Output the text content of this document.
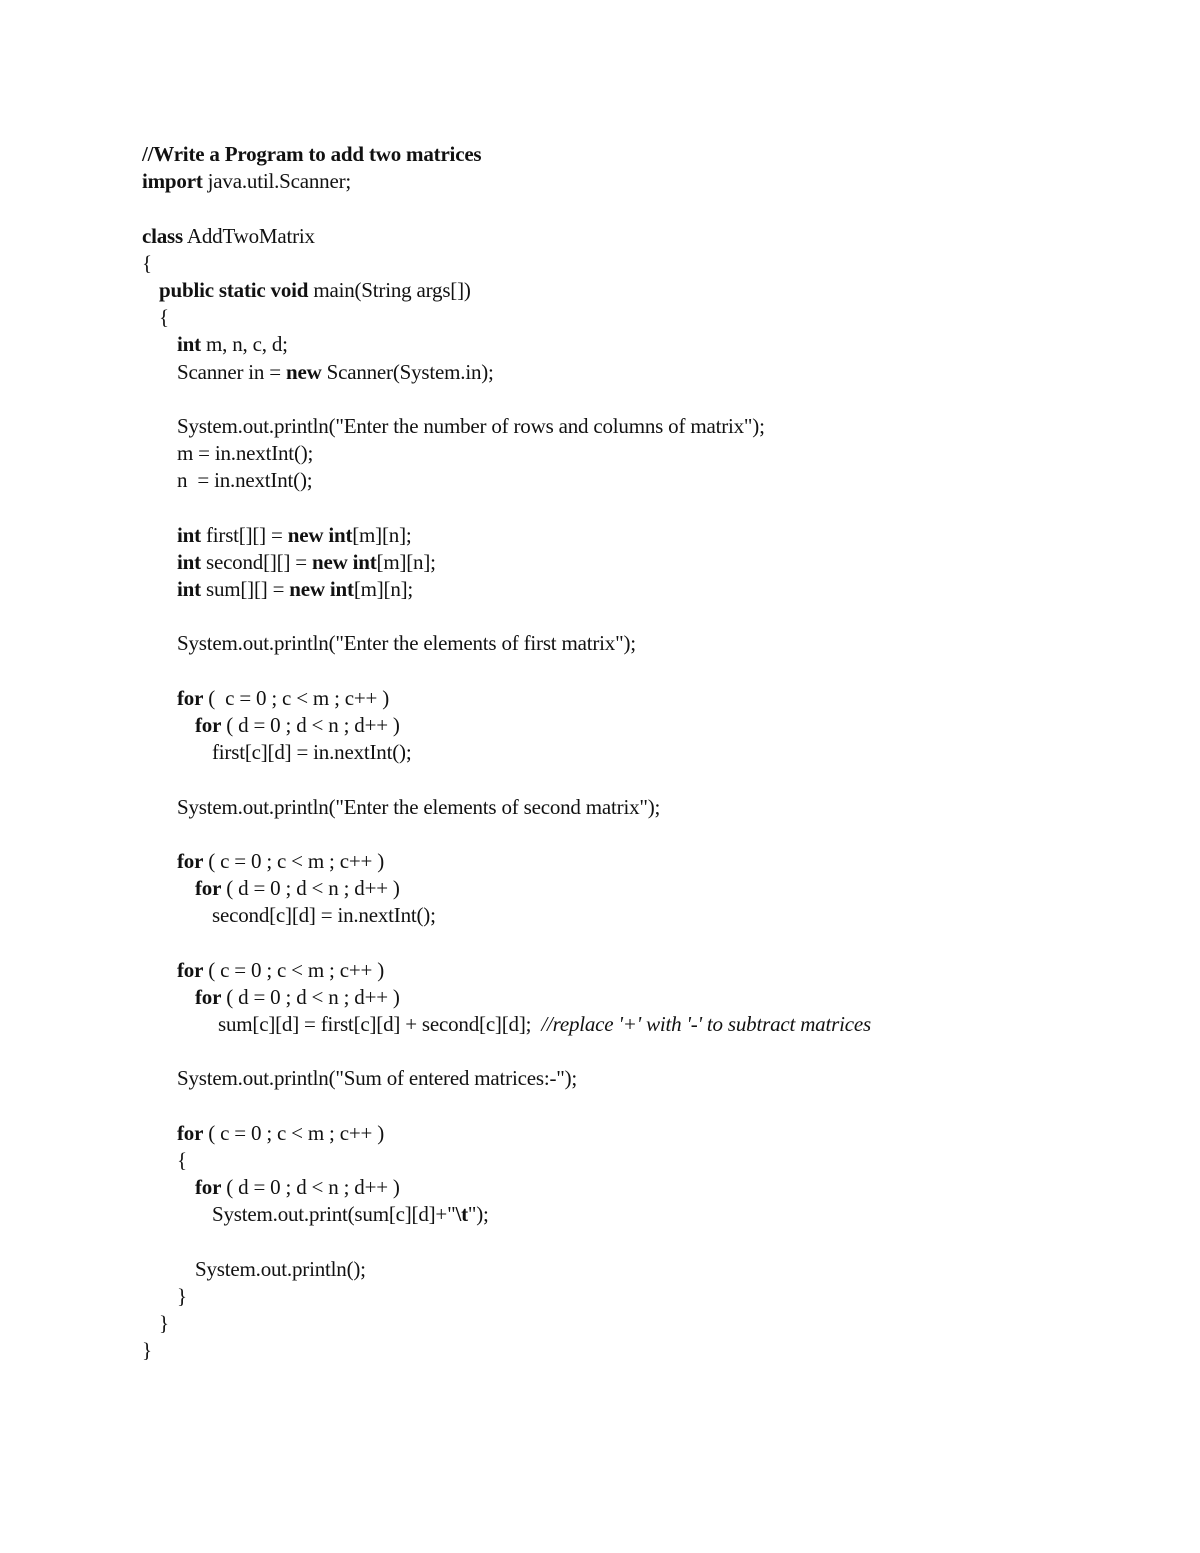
//Write a Program to add two matrices
import java.util.Scanner;
class AddTwoMatrix
{
public static void main(String args[])
{
int m, n, c, d;
Scanner in = new Scanner(System.in);
System.out.println("Enter the number of rows and columns of matrix");
m = in.nextInt();
n  = in.nextInt();
int first[][] = new int[m][n];
int second[][] = new int[m][n];
int sum[][] = new int[m][n];
System.out.println("Enter the elements of first matrix");
for (  c = 0 ; c < m ; c++ )
for ( d = 0 ; d < n ; d++ )
first[c][d] = in.nextInt();
System.out.println("Enter the elements of second matrix");
for ( c = 0 ; c < m ; c++ )
for ( d = 0 ; d < n ; d++ )
second[c][d] = in.nextInt();
for ( c = 0 ; c < m ; c++ )
for ( d = 0 ; d < n ; d++ )
sum[c][d] = first[c][d] + second[c][d];  //replace '+' with '-' to subtract matrices
System.out.println("Sum of entered matrices:-");
for ( c = 0 ; c < m ; c++ )
{
for ( d = 0 ; d < n ; d++ )
System.out.print(sum[c][d]+"\t");
System.out.println();
}
}
}
